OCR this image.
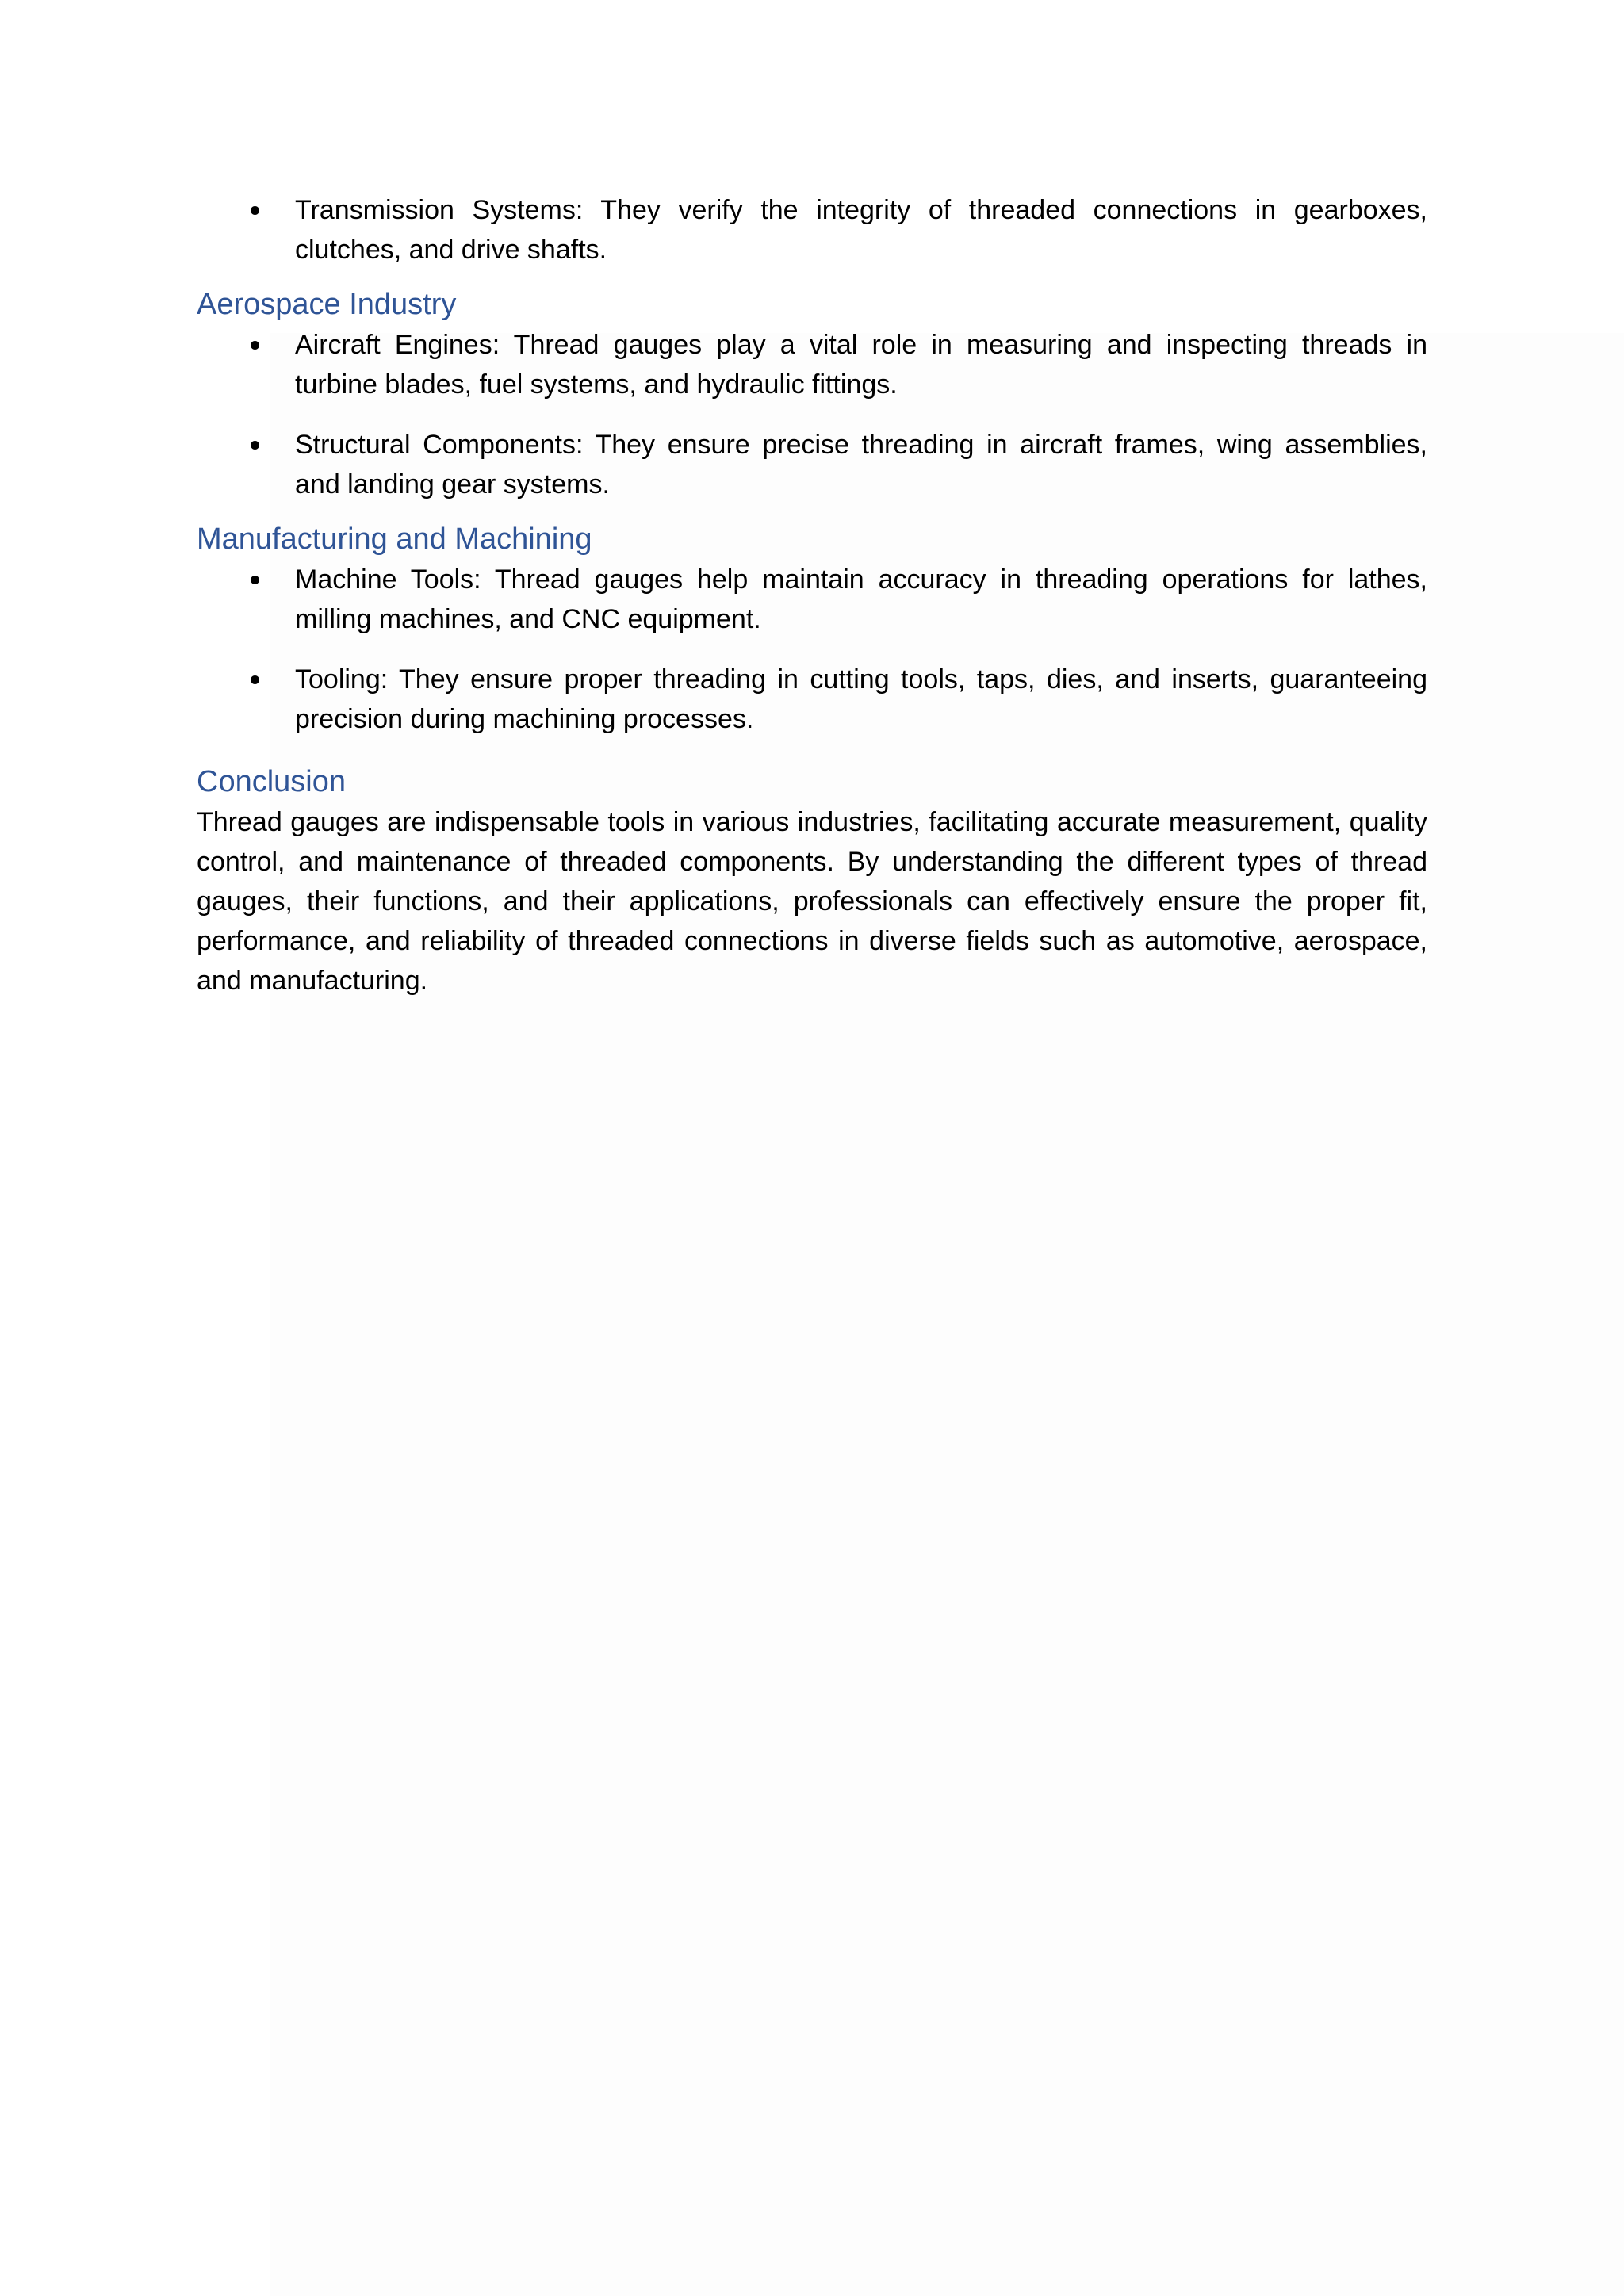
Transmission Systems: They verify the integrity of threaded connections in gearboxes, clutches, and drive shafts.

Aerospace Industry

Aircraft Engines: Thread gauges play a vital role in measuring and inspecting threads in turbine blades, fuel systems, and hydraulic fittings.

Structural Components: They ensure precise threading in aircraft frames, wing assemblies, and landing gear systems.

Manufacturing and Machining

Machine Tools: Thread gauges help maintain accuracy in threading operations for lathes, milling machines, and CNC equipment.

Tooling: They ensure proper threading in cutting tools, taps, dies, and inserts, guaranteeing precision during machining processes.

Conclusion

Thread gauges are indispensable tools in various industries, facilitating accurate measurement, quality control, and maintenance of threaded components. By understanding the different types of thread gauges, their functions, and their applications, professionals can effectively ensure the proper fit, performance, and reliability of threaded connections in diverse fields such as automotive, aerospace, and manufacturing.
